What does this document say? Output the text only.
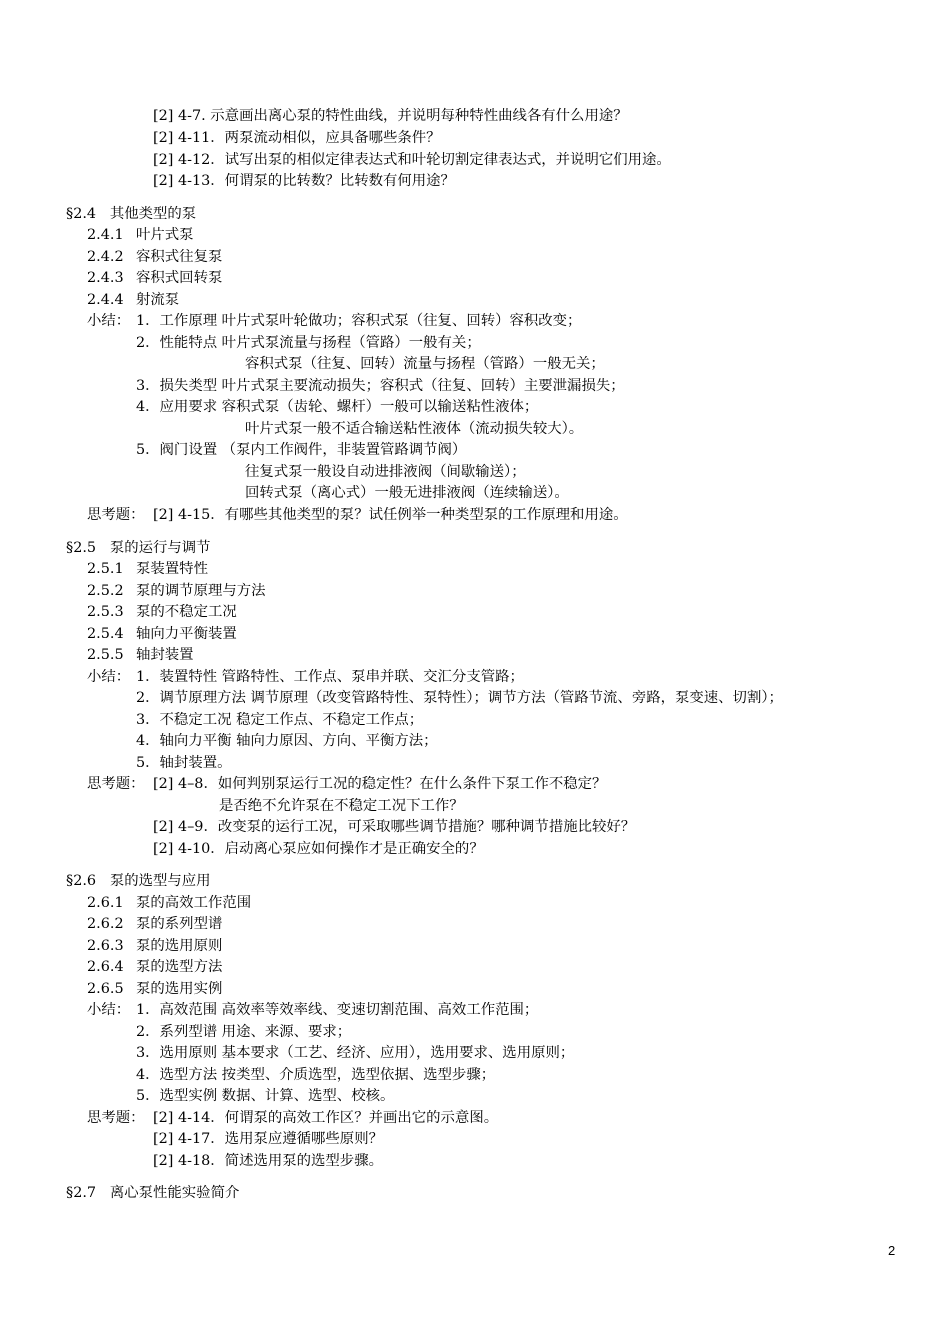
[2] 4-7. 示意画出离心泵的特性曲线，并说明每种特性曲线各有什么用途？
[2] 4-11．两泵流动相似，应具备哪些条件？
[2] 4-12．试写出泵的相似定律表达式和叶轮切割定律表达式，并说明它们用途。
[2] 4-13．何谓泵的比转数？比转数有何用途？
§2.4 其他类型的泵
2.4.1 叶片式泵
2.4.2 容积式往复泵
2.4.3 容积式回转泵
2.4.4 射流泵
小结： 1．工作原理 叶片式泵叶轮做功；容积式泵（往复、回转）容积改变；
2．性能特点 叶片式泵流量与扬程（管路）一般有关；
容积式泵（往复、回转）流量与扬程（管路）一般无关；
3．损失类型 叶片式泵主要流动损失；容积式（往复、回转）主要泄漏损失；
4．应用要求 容积式泵（齿轮、螺杆）一般可以输送粘性液体；
叶片式泵一般不适合输送粘性液体（流动损失较大）。
5．阀门设置 （泵内工作阀件，非装置管路调节阀）
往复式泵一般设自动进排液阀（间歇输送）；
回转式泵（离心式）一般无进排液阀（连续输送）。
思考题： [2] 4-15．有哪些其他类型的泵？试任例举一种类型泵的工作原理和用途。
§2.5 泵的运行与调节
2.5.1 泵装置特性
2.5.2 泵的调节原理与方法
2.5.3 泵的不稳定工况
2.5.4 轴向力平衡装置
2.5.5 轴封装置
小结： 1．装置特性 管路特性、工作点、泵串并联、交汇分支管路；
2．调节原理方法 调节原理（改变管路特性、泵特性）；调节方法（管路节流、旁路，泵变速、切割）；
3．不稳定工况 稳定工作点、不稳定工作点；
4．轴向力平衡 轴向力原因、方向、平衡方法；
5．轴封装置。
思考题： [2] 4–8．如何判别泵运行工况的稳定性？在什么条件下泵工作不稳定？
是否绝不允许泵在不稳定工况下工作？
[2] 4–9．改变泵的运行工况，可采取哪些调节措施？哪种调节措施比较好？
[2] 4-10．启动离心泵应如何操作才是正确安全的？
§2.6 泵的选型与应用
2.6.1 泵的高效工作范围
2.6.2 泵的系列型谱
2.6.3 泵的选用原则
2.6.4 泵的选型方法
2.6.5 泵的选用实例
小结： 1．高效范围 高效率等效率线、变速切割范围、高效工作范围；
2．系列型谱 用途、来源、要求；
3．选用原则 基本要求（工艺、经济、应用），选用要求、选用原则；
4．选型方法 按类型、介质选型，选型依据、选型步骤；
5．选型实例 数据、计算、选型、校核。
思考题： [2] 4-14．何谓泵的高效工作区？并画出它的示意图。
[2] 4-17．选用泵应遵循哪些原则？
[2] 4-18．简述选用泵的选型步骤。
§2.7 离心泵性能实验简介
2
